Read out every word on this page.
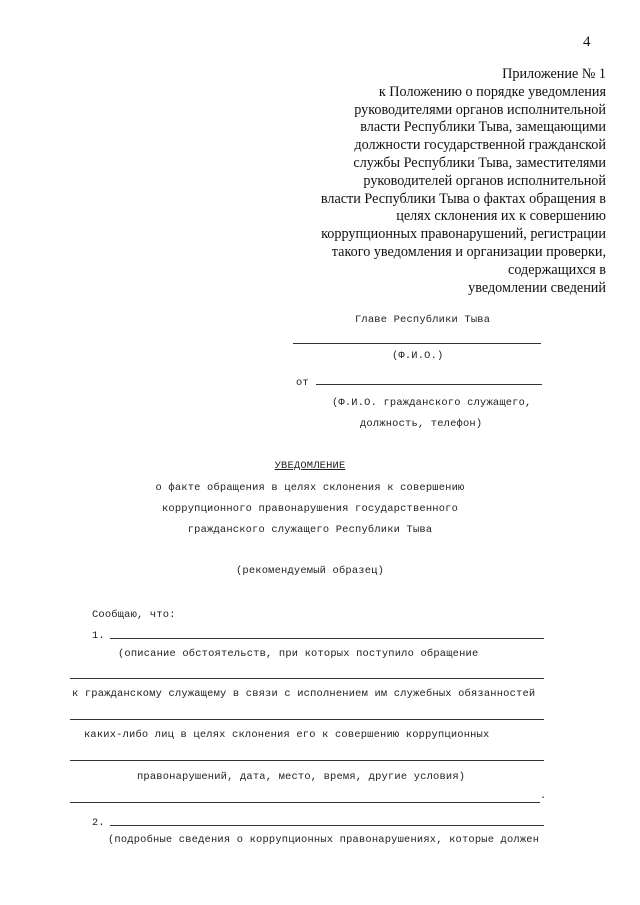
4
Приложение № 1
к Положению о порядке уведомления
руководителями органов исполнительной
власти Республики Тыва, замещающими
должности государственной гражданской
службы Республики Тыва, заместителями
руководителей органов исполнительной
власти Республики Тыва о фактах обращения в
целях склонения их к совершению
коррупционных правонарушений, регистрации
такого уведомления и организации проверки,
содержащихся в
уведомлении сведений
Главе Республики Тыва
(Ф.И.О.)
от
(Ф.И.О. гражданского служащего,
должность, телефон)
УВЕДОМЛЕНИЕ
о факте обращения в целях склонения к совершению
коррупционного правонарушения государственного
гражданского служащего Республики Тыва
(рекомендуемый образец)
Сообщаю, что:
1.
(описание обстоятельств, при которых поступило обращение
к гражданскому служащему в связи с исполнением им служебных обязанностей
каких-либо лиц в целях склонения его к совершению коррупционных
правонарушений, дата, место, время, другие условия)
.
2.
(подробные сведения о коррупционных правонарушениях, которые должен
